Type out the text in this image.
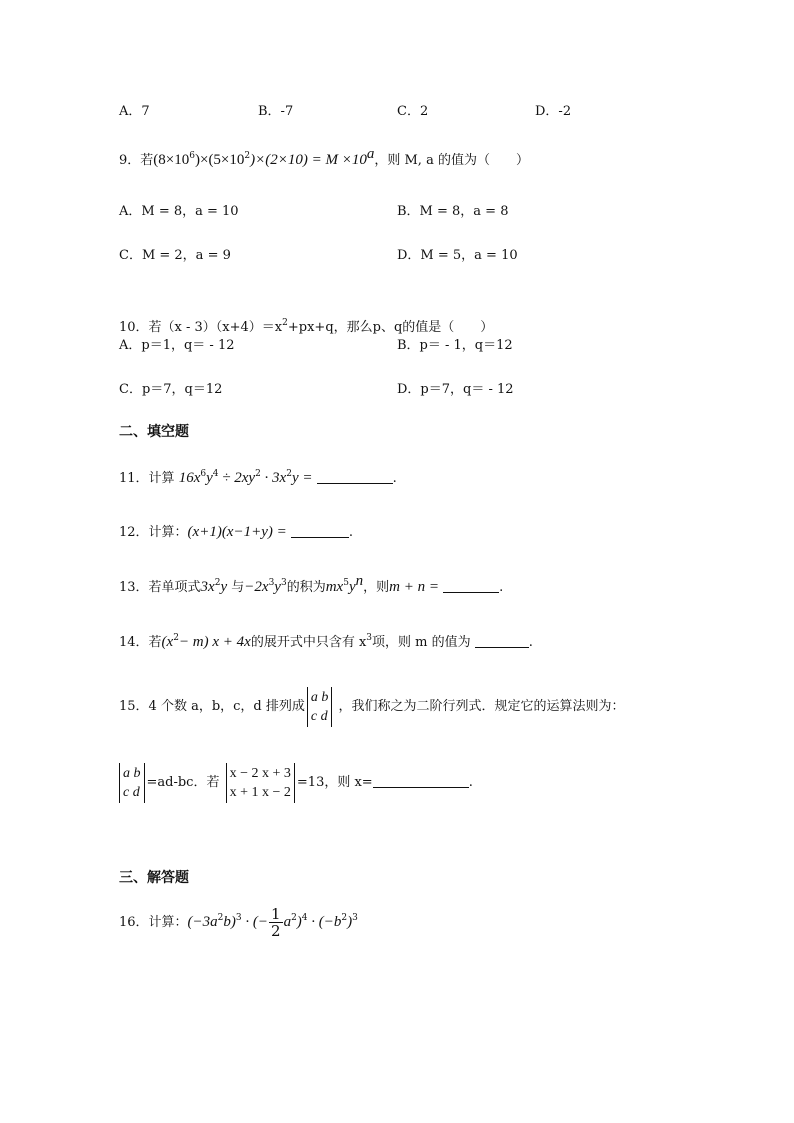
A．7	B．-7	C．2	D．-2
9．若$(8\times 10^6)\times(5\times 10^2)\times(2\times 10) = M \times 10^a$，则 M, a 的值为（　　）
A．M = 8，a = 10	B．M = 8，a = 8
C．M = 2，a = 9	D．M = 5，a = 10
10．若$(x - 3)(x+4)=x^2+px+q$，那么p、q的值是（　　）
A．p＝1，q＝ - 12	B．p＝ - 1，q＝12
C．p＝7，q＝12	D．p＝7，q＝ - 12
二、填空题
11．计算 $16x^6y^4 \div 2xy^2 \cdot 3x^2y$ =	.
12．计算：(x+1)(x−1+y) =	.
13．若单项式$3x^2y$ 与$-2x^3y^3$的积为$mx^5y^n$，则m + n =	.
14．若$(x^2- m) x + 4x$的展开式中只含有 $x^3$项，则 m 的值为	.
15．4 个数 a，b，c，d 排列成
a b
c d
，我们称之为二阶行列式．规定它的运算法则为：
a b
c d
=ad-bc．若
x − 2 x + 3
x + 1 x − 2
=13，则 x=	.
三、解答题
16．计算：$(-3a^2b)^3$ · (− $\frac{1}{2} a^2)^4 \cdot (-b^2)^3$
